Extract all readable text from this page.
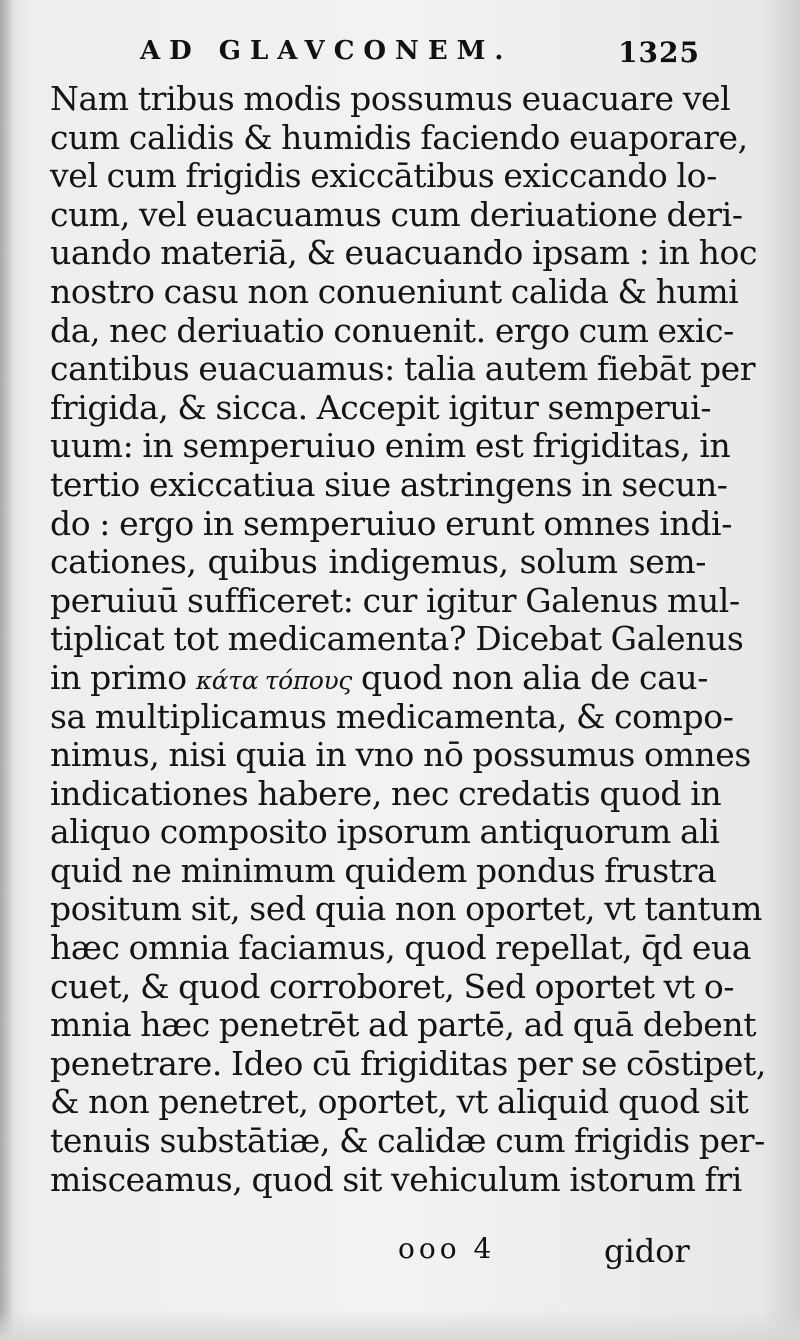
AD GLAVCONEM.	1325
Nam tribus modis possumus euacuare vel
cum calidis & humidis faciendo euaporare,
vel cum frigidis exiccātibus exiccando lo-
cum, vel euacuamus cum deriuatione deri-
uando materiā, & euacuando ipsam : in hoc
nostro casu non conueniunt calida & humi
da, nec deriuatio conuenit. ergo cum exic-
cantibus euacuamus: talia autem fiebāt per
frigida, & sicca. Accepit igitur semperui-
uum: in semperuiuo enim est frigiditas, in
tertio exiccatiua siue astringens in secun-
do : ergo in semperuiuo erunt omnes indi-
cationes, quibus indigemus, solum sem-
peruiuū sufficeret: cur igitur Galenus mul-
tiplicat tot medicamenta? Dicebat Galenus
in primo κάτα τόπους quod non alia de cau-
sa multiplicamus medicamenta, & compo-
nimus, nisi quia in vno nō possumus omnes
indicationes habere, nec credatis quod in
aliquo composito ipsorum antiquorum ali
quid ne minimum quidem pondus frustra
positum sit, sed quia non oportet, vt tantum
hæc omnia faciamus, quod repellat, q̄d eua
cuet, & quod corroboret, Sed oportet vt o-
mnia hæc penetrēt ad partē, ad quā debent
penetrare. Ideo cū frigiditas per se cōstipet,
& non penetret, oportet, vt aliquid quod sit
tenuis substātiæ, & calidæ cum frigidis per-
misceamus, quod sit vehiculum istorum fri
ooo 4	gidor
